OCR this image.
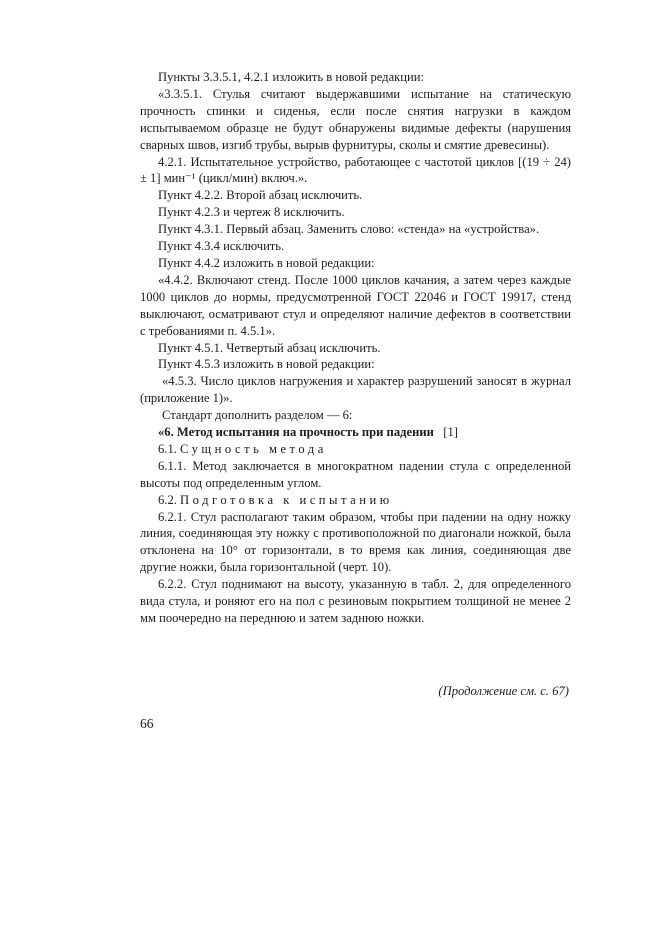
Пункты 3.3.5.1, 4.2.1 изложить в новой редакции:

«3.3.5.1. Стулья считают выдержавшими испытание на статическую прочность спинки и сиденья, если после снятия нагрузки в каждом испытываемом образце не будут обнаружены видимые дефекты (нарушения сварных швов, изгиб трубы, вырыв фурнитуры, сколы и смятие древесины).

4.2.1. Испытательное устройство, работающее с частотой циклов [(19 ÷ 24) ± 1] мин⁻¹ (цикл/мин) включ.».

Пункт 4.2.2. Второй абзац исключить.

Пункт 4.2.3 и чертеж 8 исключить.

Пункт 4.3.1. Первый абзац. Заменить слово: «стенда» на «устройства».

Пункт 4.3.4 исключить.

Пункт 4.4.2 изложить в новой редакции:

«4.4.2. Включают стенд. После 1000 циклов качания, а затем через каждые 1000 циклов до нормы, предусмотренной ГОСТ 22046 и ГОСТ 19917, стенд выключают, осматривают стул и определяют наличие дефектов в соответствии с требованиями п. 4.5.1».

Пункт 4.5.1. Четвертый абзац исключить.

Пункт 4.5.3 изложить в новой редакции:

«4.5.3. Число циклов нагружения и характер разрушений заносят в журнал (приложение 1)».

Стандарт дополнить разделом — 6:

«6. Метод испытания на прочность при падении [1]

6.1. Сущность метода

6.1.1. Метод заключается в многократном падении стула с определенной высоты под определенным углом.

6.2. Подготовка к испытанию

6.2.1. Стул располагают таким образом, чтобы при падении на одну ножку линия, соединяющая эту ножку с противоположной по диагонали ножкой, была отклонена на 10° от горизонтали, в то время как линия, соединяющая две другие ножки, была горизонтальной (черт. 10).

6.2.2. Стул поднимают на высоту, указанную в табл. 2, для определенного вида стула, и роняют его на пол с резиновым покрытием толщиной не менее 2 мм поочередно на переднюю и затем заднюю ножки.

(Продолжение см. с. 67)
66
